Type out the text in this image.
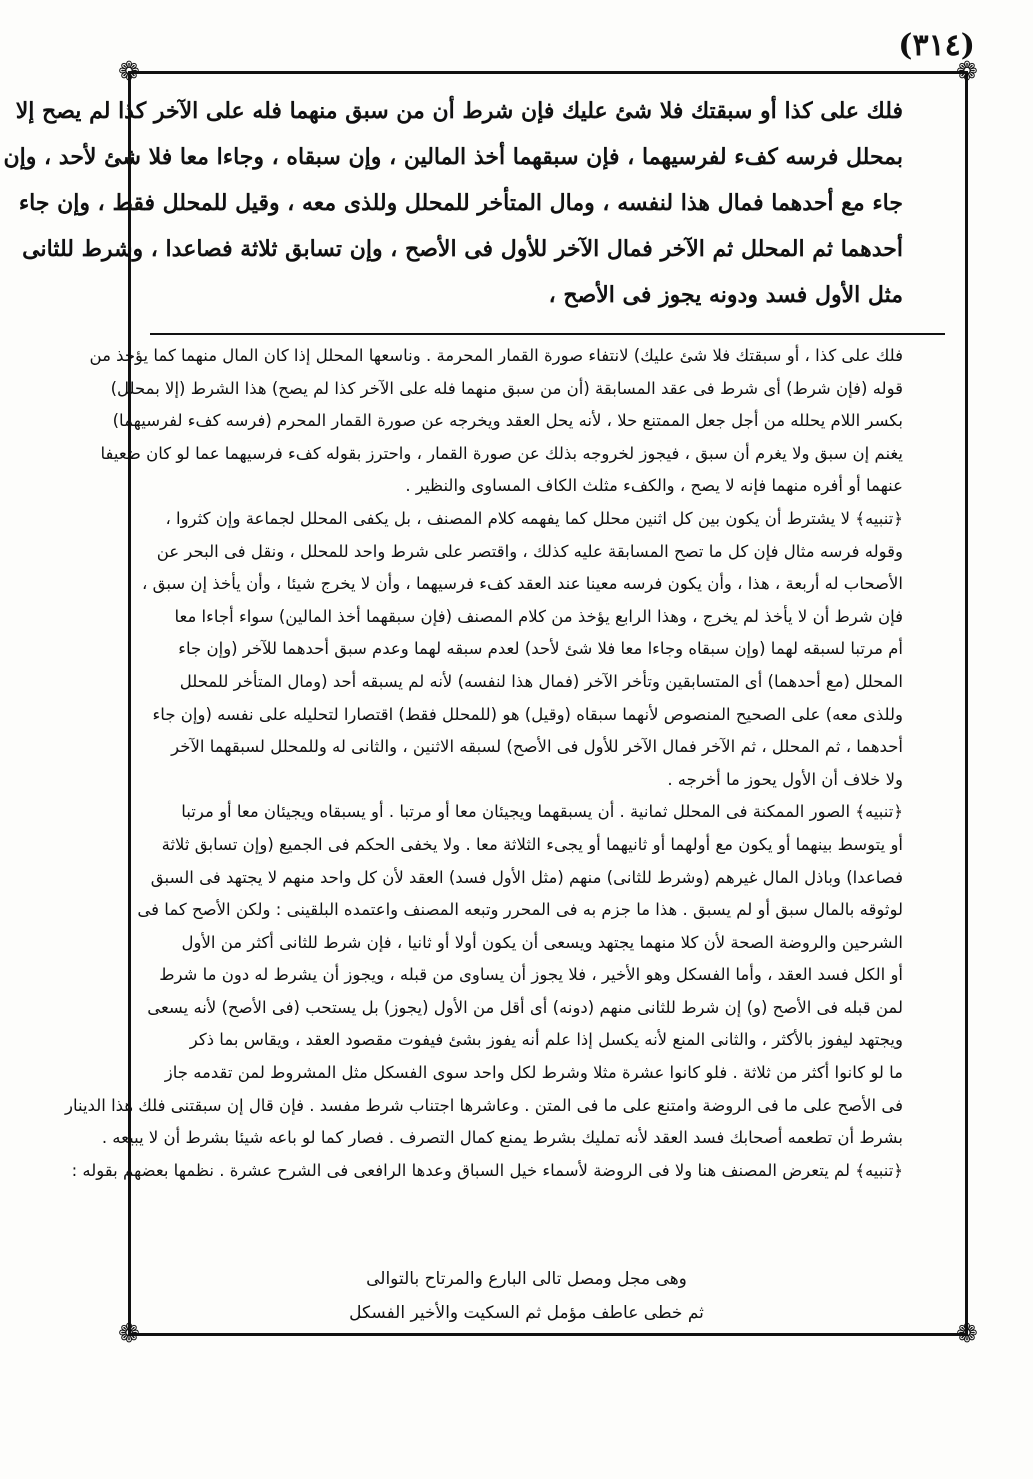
(٣١٤)
❁	❁
❁	❁

فلك على كذا أو سبقتك فلا شئ عليك فإن شرط أن من سبق منهما فله على الآخر كذا لم يصح إلا

بمحلل فرسه كفء لفرسيهما ، فإن سبقهما أخذ المالين ، وإن سبقاه ، وجاءا معا فلا شئ لأحد ، وإن

جاء مع أحدهما فمال هذا لنفسه ، ومال المتأخر للمحلل وللذى معه ، وقيل للمحلل فقط ، وإن جاء

أحدهما ثم المحلل ثم الآخر فمال الآخر للأول فى الأصح ، وإن تسابق ثلاثة فصاعدا ، وشرط للثانى

مثل الأول فسد ودونه يجوز فى الأصح ،

فلك على كذا ، أو سبقتك فلا شئ عليك) لانتفاء صورة القمار المحرمة . وناسعها المحلل إذا كان المال منهما كما يؤخذ من

قوله (فإن شرط) أى شرط فى عقد المسابقة (أن من سبق منهما فله على الآخر كذا لم يصح) هذا الشرط (إلا بمحلل)

بكسر اللام يحلله من أجل جعل الممتنع حلا ، لأنه يحل العقد ويخرجه عن صورة القمار المحرم (فرسه كفء لفرسيهما)

يغنم إن سبق ولا يغرم أن سبق ، فيجوز لخروجه بذلك عن صورة القمار ، واحترز بقوله كفء فرسيهما عما لو كان ضعيفا

عنهما أو أفره منهما فإنه لا يصح ، والكفء مثلث الكاف المساوى والنظير .

﴿تنبيه﴾ لا يشترط أن يكون بين كل اثنين محلل كما يفهمه كلام المصنف ، بل يكفى المحلل لجماعة وإن كثروا ،

وقوله فرسه مثال فإن كل ما تصح المسابقة عليه كذلك ، واقتصر على شرط واحد للمحلل ، ونقل فى البحر عن

الأصحاب له أربعة ، هذا ، وأن يكون فرسه معينا عند العقد كفء فرسيهما ، وأن لا يخرج شيئا ، وأن يأخذ إن سبق ،

فإن شرط أن لا يأخذ لم يخرج ، وهذا الرابع يؤخذ من كلام المصنف (فإن سبقهما أخذ المالين) سواء أجاءا معا

أم مرتبا لسبقه لهما (وإن سبقاه وجاءا معا فلا شئ لأحد) لعدم سبقه لهما وعدم سبق أحدهما للآخر (وإن جاء

المحلل (مع أحدهما) أى المتسابقين وتأخر الآخر (فمال هذا لنفسه) لأنه لم يسبقه أحد (ومال المتأخر للمحلل

وللذى معه) على الصحيح المنصوص لأنهما سبقاه (وقيل) هو (للمحلل فقط) اقتصارا لتحليله على نفسه (وإن جاء

أحدهما ، ثم المحلل ، ثم الآخر فمال الآخر للأول فى الأصح) لسبقه الاثنين ، والثانى له وللمحلل لسبقهما الآخر

ولا خلاف أن الأول يحوز ما أخرجه .

﴿تنبيه﴾ الصور الممكنة فى المحلل ثمانية . أن يسبقهما ويجيئان معا أو مرتبا . أو يسبقاه ويجيئان معا أو مرتبا

أو يتوسط بينهما أو يكون مع أولهما أو ثانيهما أو يجىء الثلاثة معا . ولا يخفى الحكم فى الجميع (وإن تسابق ثلاثة

فصاعدا) وباذل المال غيرهم (وشرط للثانى) منهم (مثل الأول فسد) العقد لأن كل واحد منهم لا يجتهد فى السبق

لوثوقه بالمال سبق أو لم يسبق . هذا ما جزم به فى المحرر وتبعه المصنف واعتمده البلقينى : ولكن الأصح كما فى

الشرحين والروضة الصحة لأن كلا منهما يجتهد ويسعى أن يكون أولا أو ثانيا ، فإن شرط للثانى أكثر من الأول

أو الكل فسد العقد ، وأما الفسكل وهو الأخير ، فلا يجوز أن يساوى من قبله ، ويجوز أن يشرط له دون ما شرط

لمن قبله فى الأصح (و) إن شرط للثانى منهم (دونه) أى أقل من الأول (يجوز) بل يستحب (فى الأصح) لأنه يسعى

ويجتهد ليفوز بالأكثر ، والثانى المنع لأنه يكسل إذا علم أنه يفوز بشئ فيفوت مقصود العقد ، ويقاس بما ذكر

ما لو كانوا أكثر من ثلاثة . فلو كانوا عشرة مثلا وشرط لكل واحد سوى الفسكل مثل المشروط لمن تقدمه جاز

فى الأصح على ما فى الروضة وامتنع على ما فى المتن . وعاشرها اجتناب شرط مفسد . فإن قال إن سبقتنى فلك هذا الدينار

بشرط أن تطعمه أصحابك فسد العقد لأنه تمليك بشرط يمنع كمال التصرف . فصار كما لو باعه شيئا بشرط أن لا يبيعه .

﴿تنبيه﴾ لم يتعرض المصنف هنا ولا فى الروضة لأسماء خيل السباق وعدها الرافعى فى الشرح عشرة . نظمها بعضهم بقوله :

وهى مجل ومصل تالى البارع والمرتاح بالتوالى

ثم خطى عاطف مؤمل ثم السكيت والأخير الفسكل
